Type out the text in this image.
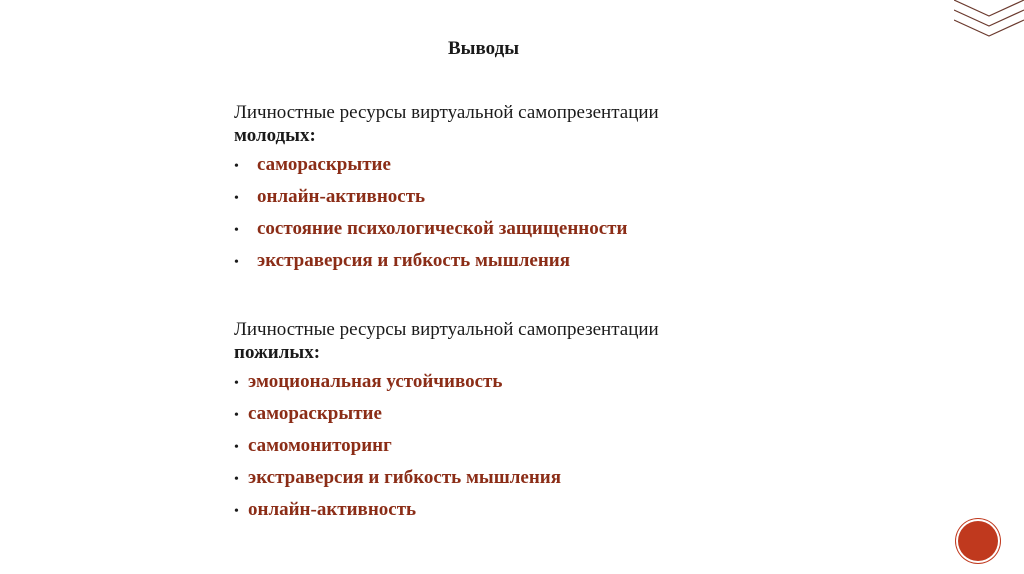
Выводы
Личностные ресурсы виртуальной самопрезентации
молодых:
• самораскрытие
• онлайн-активность
• состояние психологической защищенности
• экстраверсия и гибкость мышления
Личностные ресурсы виртуальной самопрезентации
пожилых:
• эмоциональная устойчивость
• самораскрытие
• самомониторинг
• экстраверсия и гибкость мышления
• онлайн-активность
